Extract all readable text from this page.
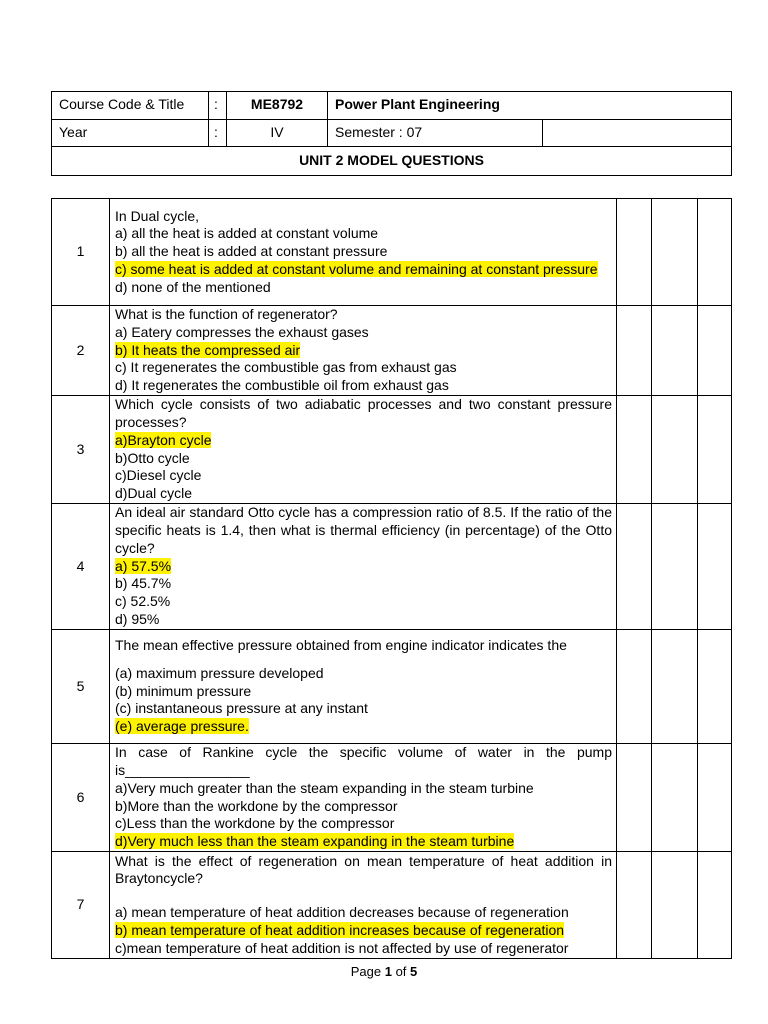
Course Code & Title	:	ME8792	Power Plant Engineering	
Year	:	IV	Semester : 07	
UNIT 2 MODEL QUESTIONS				
1	In Dual cycle,
a) all the heat is added at constant volume
b) all the heat is added at constant pressure
c) some heat is added at constant volume and remaining at constant pressure
d) none of the mentioned			

2	What is the function of regenerator?
a) Eatery compresses the exhaust gases
b) It heats the compressed air
c) It regenerates the combustible gas from exhaust gas
d) It regenerates the combustible oil from exhaust gas			

3	Which cycle consists of two adiabatic processes and two constant pressure processes?
a)Brayton cycle
b)Otto cycle
c)Diesel cycle
d)Dual cycle			

4	An ideal air standard Otto cycle has a compression ratio of 8.5. If the ratio of the specific heats is 1.4, then what is thermal efficiency (in percentage) of the Otto cycle?
a) 57.5%
b) 45.7%
c) 52.5%
d) 95%			

5	The mean effective pressure obtained from engine indicator indicates the
(a) maximum pressure developed
(b) minimum pressure
(c) instantaneous pressure at any instant
(e) average pressure.			

6	In case of Rankine cycle the specific volume of water in the pump is________________
a)Very much greater than the steam expanding in the steam turbine
b)More than the workdone by the compressor
c)Less than the workdone by the compressor
d)Very much less than the steam expanding in the steam turbine			

7	What is the effect of regeneration on mean temperature of heat addition in Braytoncycle?
a) mean temperature of heat addition decreases because of regeneration
b) mean temperature of heat addition increases because of regeneration
c)mean temperature of heat addition is not affected by use of regenerator			

Page 1 of 5
